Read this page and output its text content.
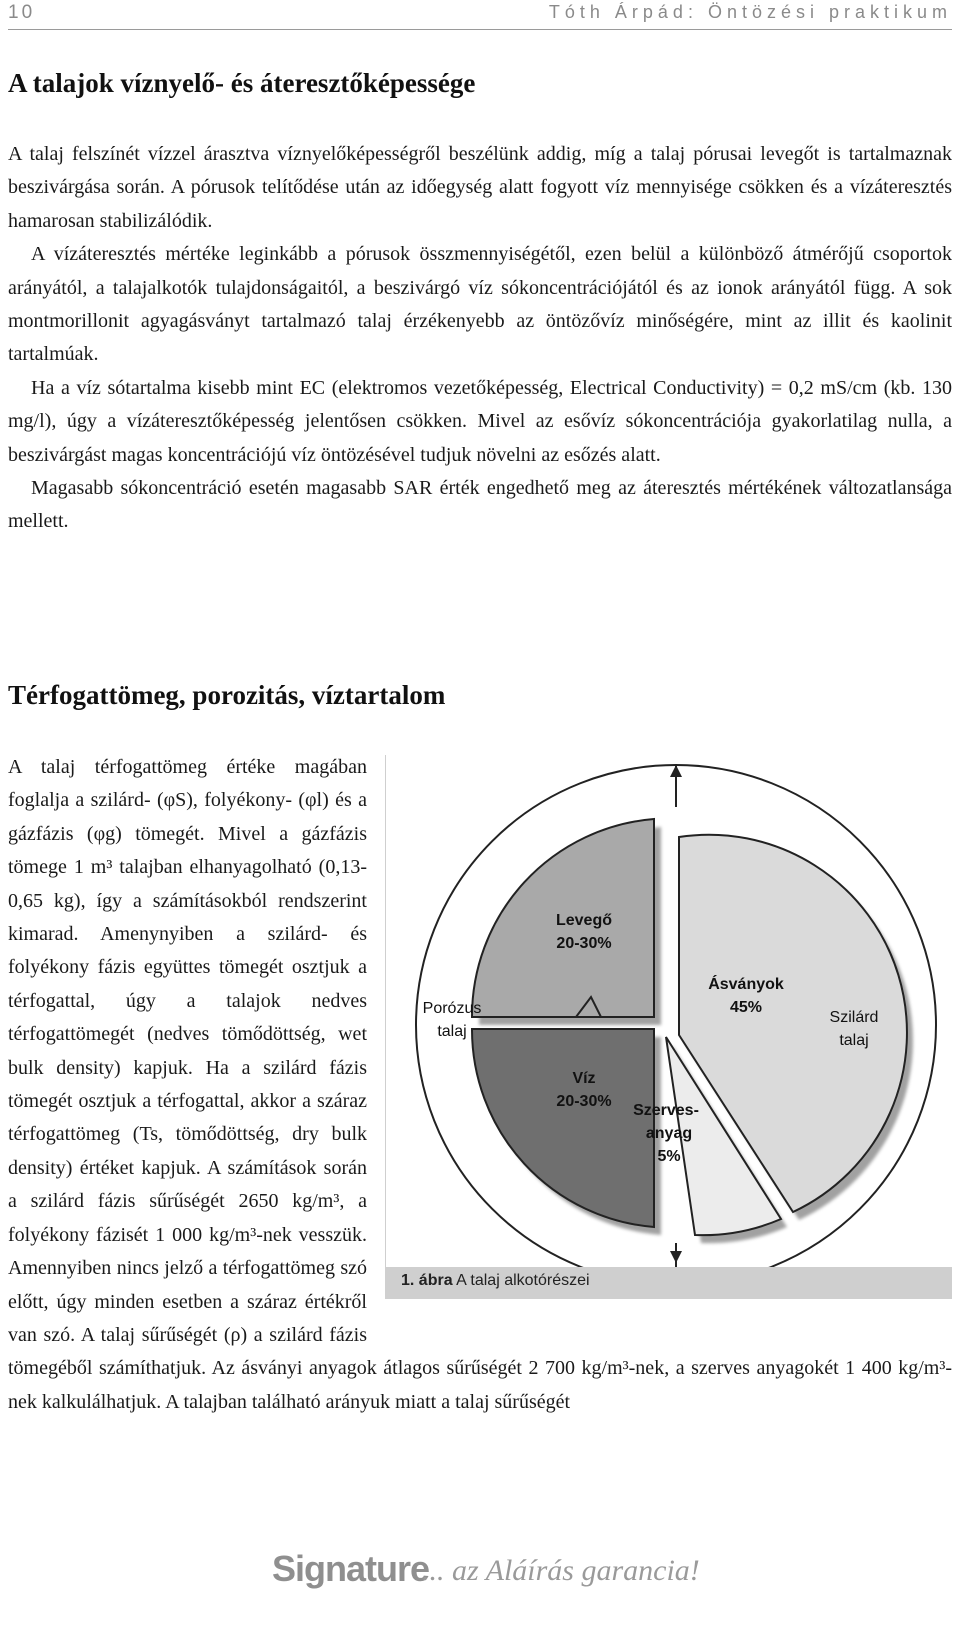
10	Tóth Árpád: Öntözési praktikum
A talajok víznyelő- és áteresztőképessége

A talaj felszínét vízzel árasztva víznyelőképességről beszélünk addig, míg a talaj pórusai levegőt is tartalmaznak beszivárgása során. A pórusok telítődése után az időegység alatt fogyott víz mennyisége csökken és a vízáteresztés hamarosan stabilizálódik.

A vízáteresztés mértéke leginkább a pórusok összmennyiségétől, ezen belül a különböző átmérőjű csoportok arányától, a talajalkotók tulajdonságaitól, a beszivárgó víz sókoncentrációjától és az ionok arányától függ. A sok montmorillonit agyagásványt tartalmazó talaj érzékenyebb az öntözővíz minőségére, mint az illit és kaolinit tartalmúak.

Ha a víz sótartalma kisebb mint EC (elektromos vezetőképesség, Electrical Conductivity) = 0,2 mS/cm (kb. 130 mg/l), úgy a vízáteresztőképesség jelentősen csökken. Mivel az esővíz sókoncentrációja gyakorlatilag nulla, a beszivárgást magas koncentrációjú víz öntözésével tudjuk növelni az esőzés alatt.

Magasabb sókoncentráció esetén magasabb SAR érték engedhető meg az áteresztés mértékének változatlansága mellett.

Térfogattömeg, porozitás, víztartalom
Levegő
20-30%
Víz
20-30%
Szerves-
anyag
5%
Ásványok
45%
Porózus
talaj
Szilárd
talaj
1. ábra A talaj alkotórészei

A talaj térfogattömeg értéke magában foglalja a szilárd- (φS), folyékony- (φl) és a gázfázis (φg) tömegét. Mivel a gázfázis tömege 1 m³ talajban elhanyagolható (0,13-0,65 kg), így a számításokból rendszerint kimarad. Amenynyiben a szilárd- és folyékony fázis együttes tömegét osztjuk a térfogattal, úgy a talajok nedves térfogattömegét (nedves tömődöttség, wet bulk density) kapjuk. Ha a szilárd fázis tömegét osztjuk a térfogattal, akkor a száraz térfogattömeg (Ts, tömődöttség, dry bulk density) értéket kapjuk. A számítások során a szilárd fázis sűrűségét 2650 kg/m³, a folyékony fázisét 1 000 kg/m³-nek vesszük. Amennyiben nincs jelző a térfogattömeg szó előtt, úgy minden esetben a száraz értékről van szó. A talaj sűrűségét (ρ) a szilárd fázis tömegéből számíthatjuk. Az ásványi anyagok átlagos sűrűségét 2 700 kg/m³-nek, a szerves anyagokét 1 400 kg/m³-nek kalkulálhatjuk. A talajban található arányuk miatt a talaj sűrűségét

Signature
... az Aláírás garancia!
